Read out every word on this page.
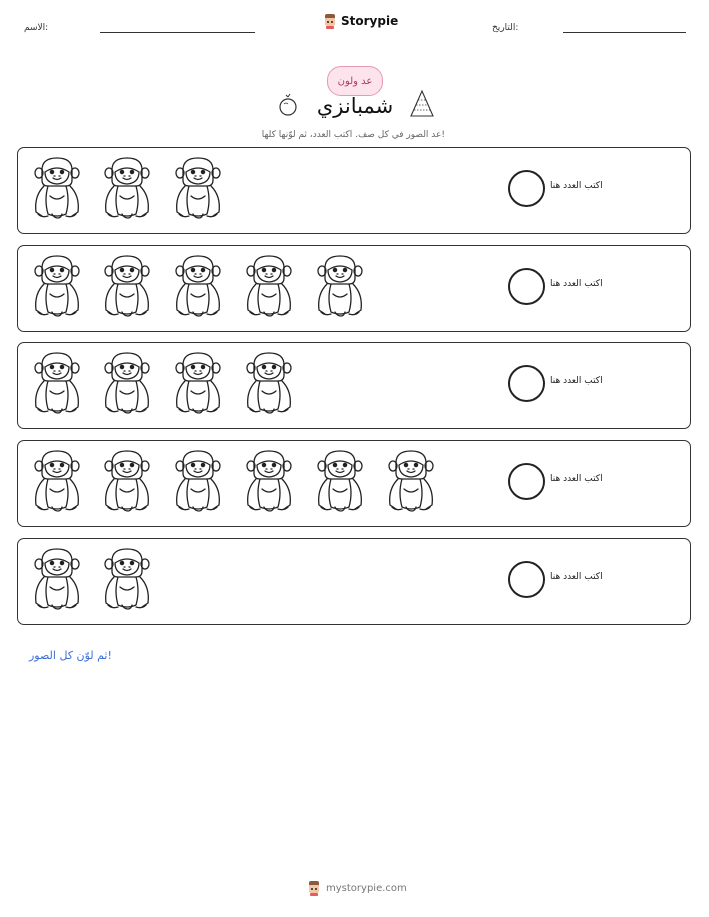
الاسم:	Storypie	التاريخ:
عد ولون
شمبانزي
عد الصور في كل صف. اكتب العدد، ثم لوّنها كلها!
اكتب العدد هنا
اكتب العدد هنا
اكتب العدد هنا
اكتب العدد هنا
اكتب العدد هنا
ثم لوّن كل الصور!
mystorypie.com
